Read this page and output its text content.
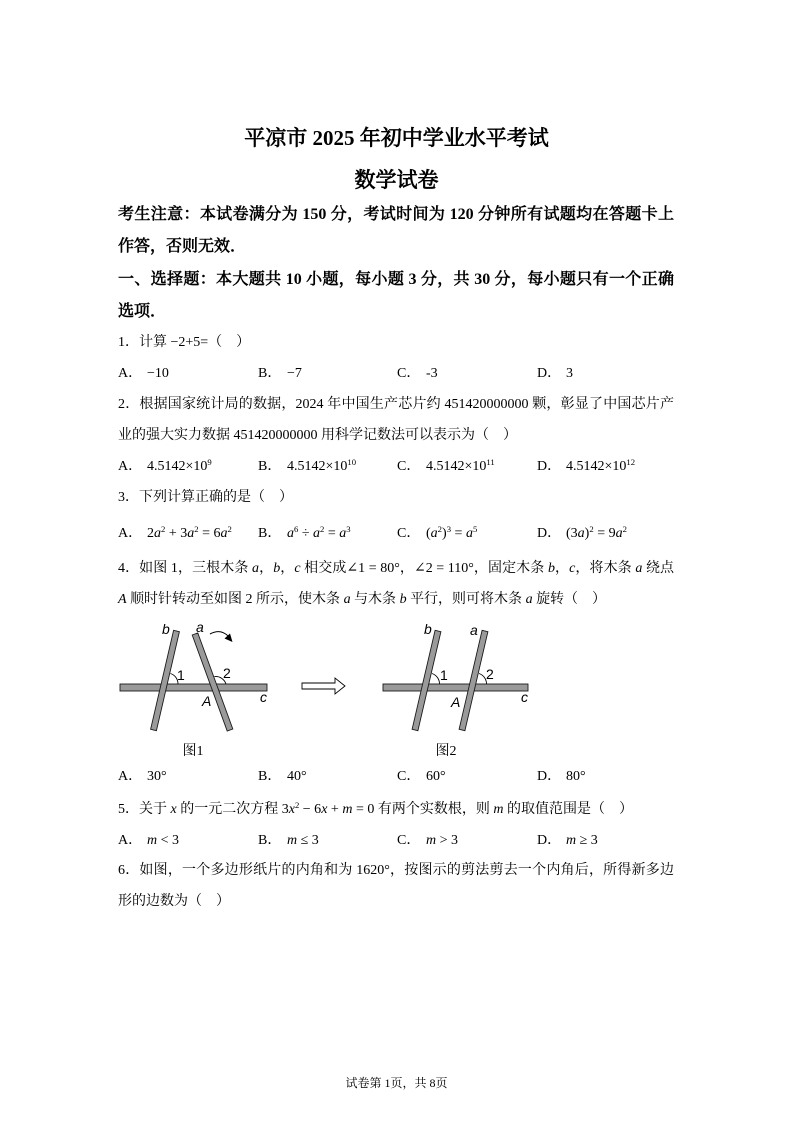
平凉市 2025 年初中学业水平考试
数学试卷
考生注意：本试卷满分为 150 分，考试时间为 120 分钟所有试题均在答题卡上
作答，否则无效．
一、选择题：本大题共 10 小题，每小题 3 分，共 30 分，每小题只有一个正确
选项．
1．计算 −2+5=（　）
A． −10	B． −7	C． -3	D． 3
2．根据国家统计局的数据，2024 年中国生产芯片约 451420000000 颗，彰显了中国芯片产
业的强大实力数据 451420000000 用科学记数法可以表示为（　）
A． $4.5142\times 10^9$	B． $4.5142\times 10^{10}$	C． $4.5142\times 10^{11}$	D． $4.5142\times 10^{12}$
3．下列计算正确的是（　）
A． $2a^2 + 3a^2 = 6a^2$ B． $a^6 \div a^2 = a^3$	C． $(a^2)^3 = a^5$	D． $(3a)^2 = 9a^2$
4．如图 1，三根木条 a，b，c 相交成∠1 = 80°，∠2 = 110°，固定木条 b，c，将木条 a 绕点
A 顺时针转动至如图 2 所示，使木条 a 与木条 b 平行，则可将木条 a 旋转（　）
b a
1	2
A	c
图1
b	a
1	2
A	c
图2
A． 30°	B． 40°	C． 60°	D． 80°
5．关于 x 的一元二次方程 $3x^2 - 6x + m = 0$ 有两个实数根，则 m 的取值范围是（　）
A． m < 3	B． m ≤ 3	C． m > 3	D． m ≥ 3
6．如图，一个多边形纸片的内角和为 1620°，按图示的剪法剪去一个内角后，所得新多边
形的边数为（　）
试卷第 1页，共 8页
